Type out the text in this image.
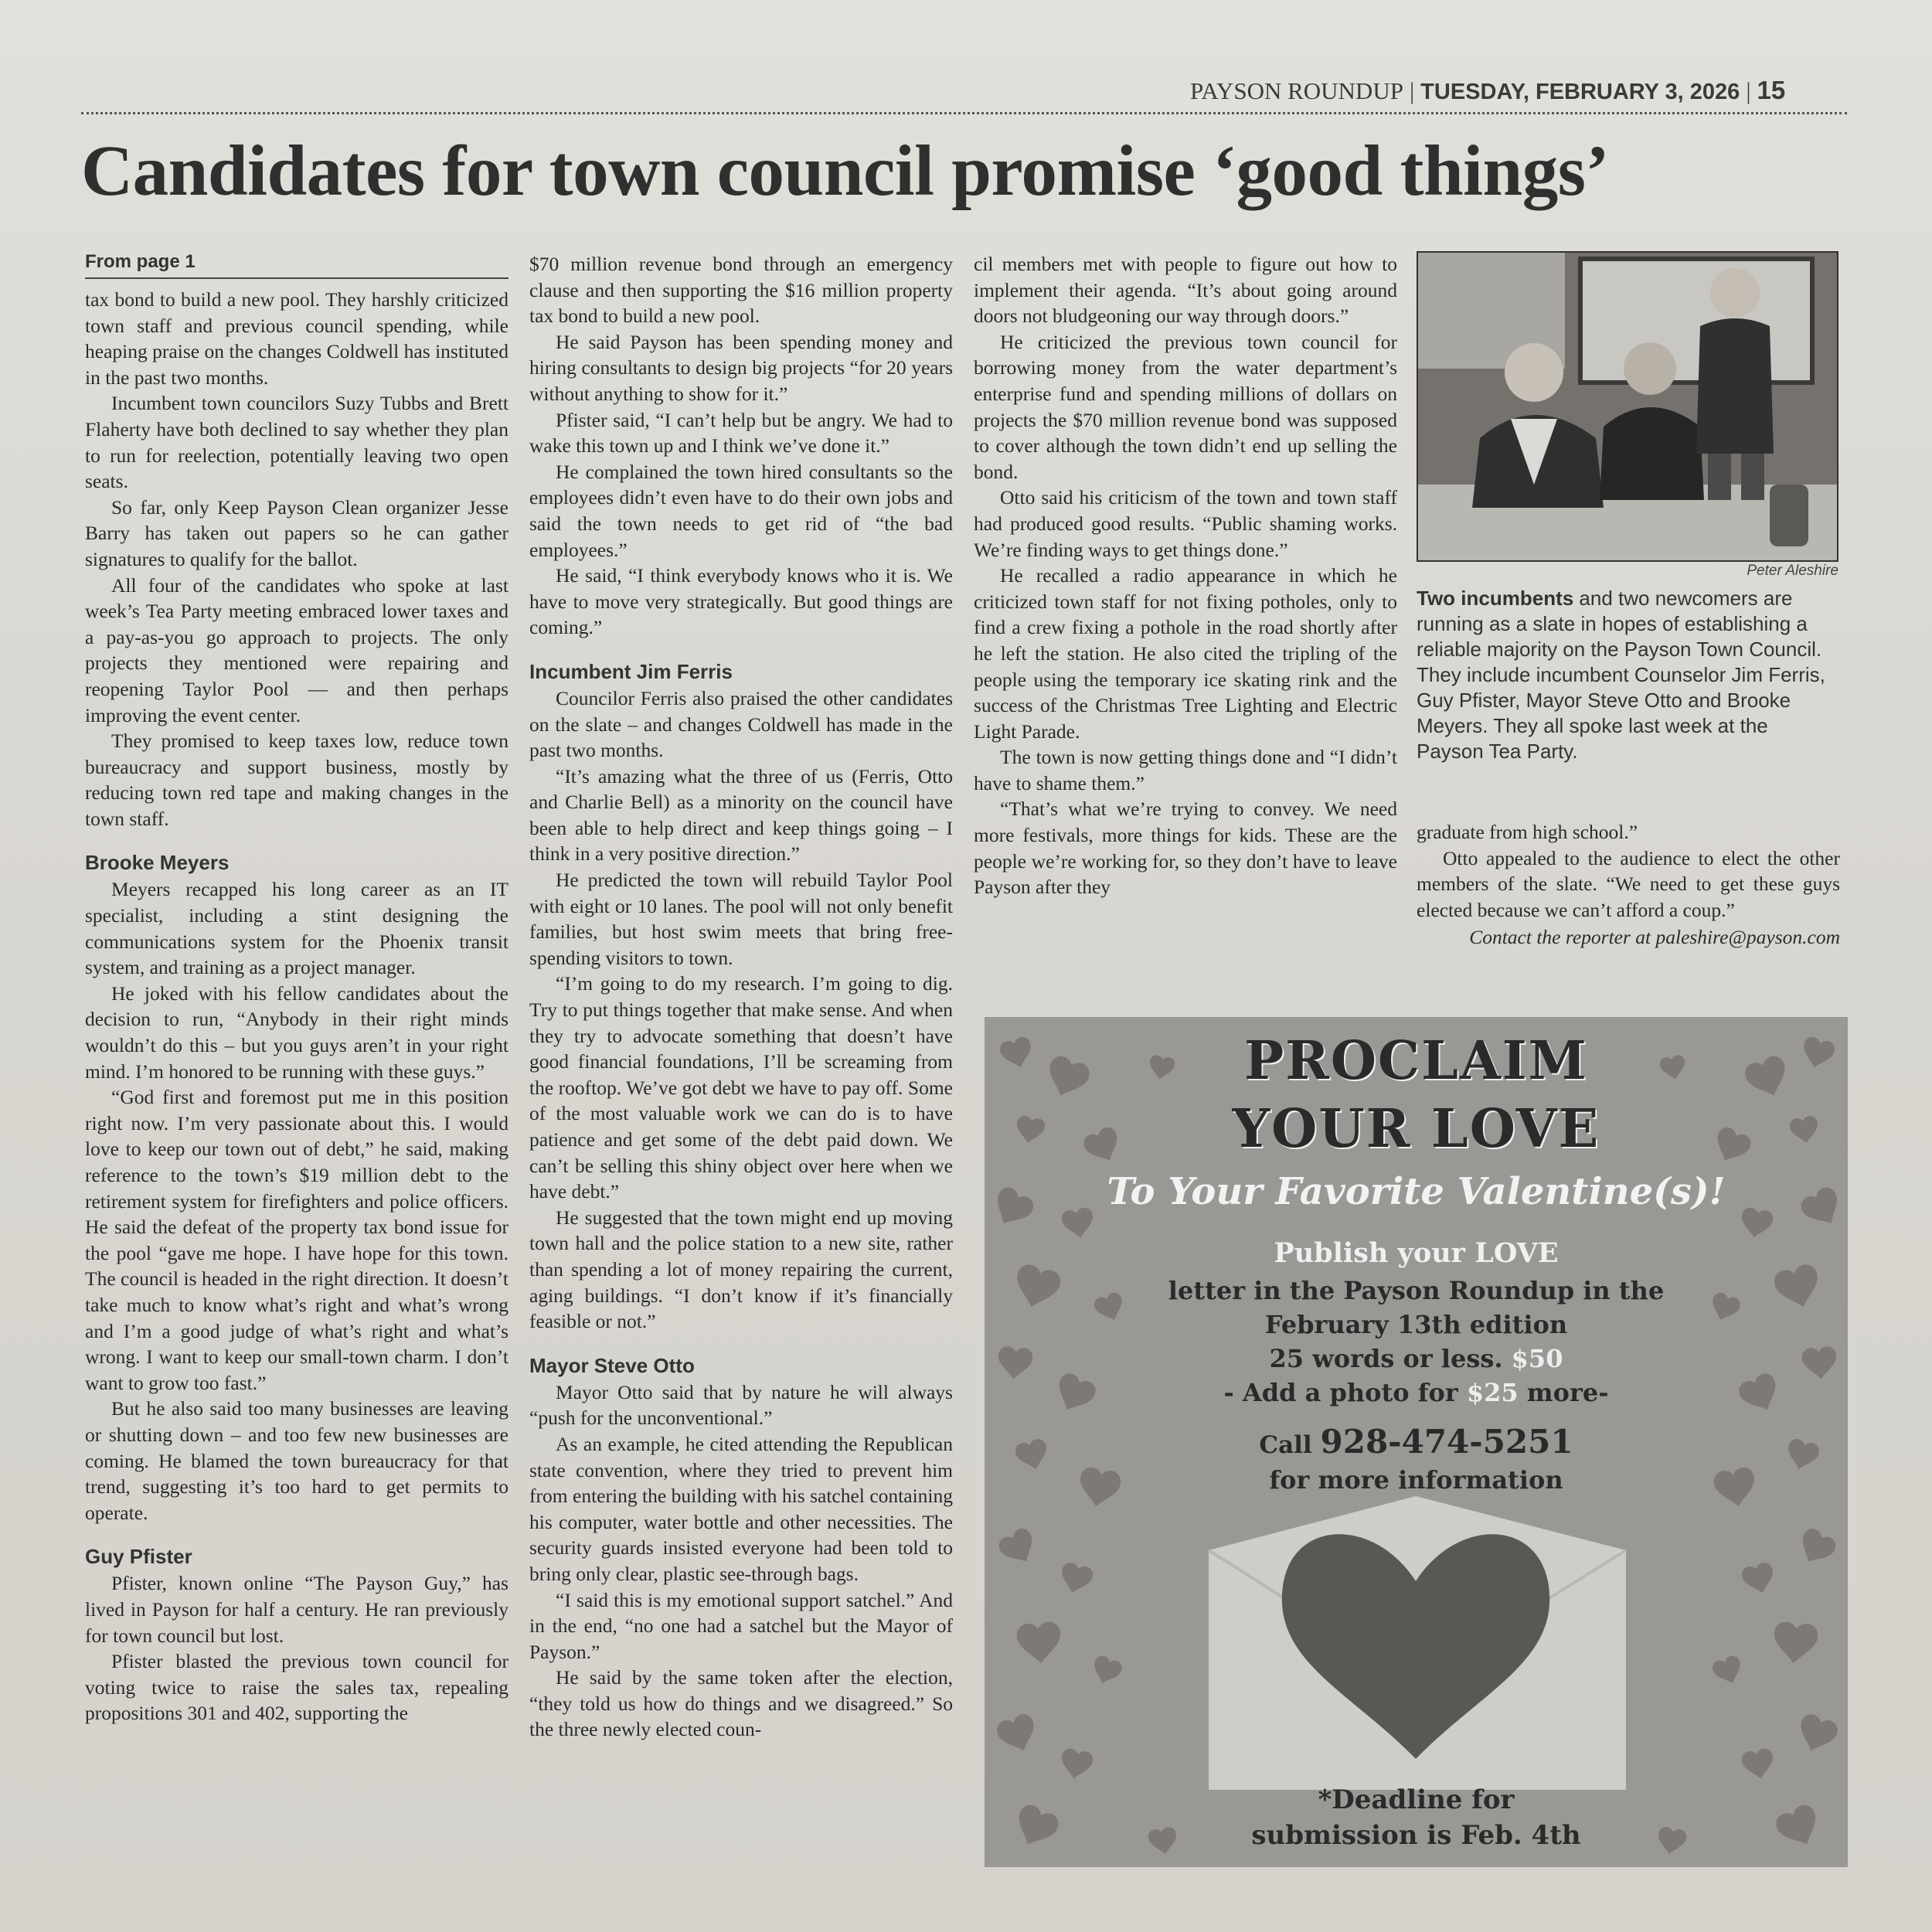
PAYSON ROUNDUP | TUESDAY, FEBRUARY 3, 2026 | 15
Candidates for town council promise ‘good things’
From page 1

tax bond to build a new pool. They harshly criticized town staff and previous council spending, while heaping praise on the changes Coldwell has instituted in the past two months.

Incumbent town councilors Suzy Tubbs and Brett Flaherty have both declined to say whether they plan to run for reelection, potentially leaving two open seats.

So far, only Keep Payson Clean organizer Jesse Barry has taken out papers so he can gather signatures to qualify for the ballot.

All four of the candidates who spoke at last week’s Tea Party meeting embraced lower taxes and a pay-as-you go approach to projects. The only projects they mentioned were repairing and reopening Taylor Pool — and then perhaps improving the event center.

They promised to keep taxes low, reduce town bureaucracy and support business, mostly by reducing town red tape and making changes in the town staff.

Brooke Meyers

Meyers recapped his long career as an IT specialist, including a stint designing the communications system for the Phoenix transit system, and training as a project manager.

He joked with his fellow candidates about the decision to run, “Anybody in their right minds wouldn’t do this – but you guys aren’t in your right mind. I’m honored to be running with these guys.”

“God first and foremost put me in this position right now. I’m very passionate about this. I would love to keep our town out of debt,” he said, making reference to the town’s $19 million debt to the retirement system for firefighters and police officers. He said the defeat of the property tax bond issue for the pool “gave me hope. I have hope for this town. The council is headed in the right direction. It doesn’t take much to know what’s right and what’s wrong and I’m a good judge of what’s right and what’s wrong. I want to keep our small-town charm. I don’t want to grow too fast.”

But he also said too many businesses are leaving or shutting down – and too few new businesses are coming. He blamed the town bureaucracy for that trend, suggesting it’s too hard to get permits to operate.

Guy Pfister

Pfister, known online “The Payson Guy,” has lived in Payson for half a century. He ran previously for town council but lost.

Pfister blasted the previous town council for voting twice to raise the sales tax, repealing propositions 301 and 402, supporting the

$70 million revenue bond through an emergency clause and then supporting the $16 million property tax bond to build a new pool.

He said Payson has been spending money and hiring consultants to design big projects “for 20 years without anything to show for it.”

Pfister said, “I can’t help but be angry. We had to wake this town up and I think we’ve done it.”

He complained the town hired consultants so the employees didn’t even have to do their own jobs and said the town needs to get rid of “the bad employees.”

He said, “I think everybody knows who it is. We have to move very strategically. But good things are coming.”

Incumbent Jim Ferris

Councilor Ferris also praised the other candidates on the slate – and changes Coldwell has made in the past two months.

“It’s amazing what the three of us (Ferris, Otto and Charlie Bell) as a minority on the council have been able to help direct and keep things going – I think in a very positive direction.”

He predicted the town will rebuild Taylor Pool with eight or 10 lanes. The pool will not only benefit families, but host swim meets that bring free-spending visitors to town.

“I’m going to do my research. I’m going to dig. Try to put things together that make sense. And when they try to advocate something that doesn’t have good financial foundations, I’ll be screaming from the rooftop. We’ve got debt we have to pay off. Some of the most valuable work we can do is to have patience and get some of the debt paid down. We can’t be selling this shiny object over here when we have debt.”

He suggested that the town might end up moving town hall and the police station to a new site, rather than spending a lot of money repairing the current, aging buildings. “I don’t know if it’s financially feasible or not.”

Mayor Steve Otto

Mayor Otto said that by nature he will always “push for the unconventional.”

As an example, he cited attending the Republican state convention, where they tried to prevent him from entering the building with his satchel containing his computer, water bottle and other necessities. The security guards insisted everyone had been told to bring only clear, plastic see-through bags.

“I said this is my emotional support satchel.” And in the end, “no one had a satchel but the Mayor of Payson.”

He said by the same token after the election, “they told us how do things and we disagreed.” So the three newly elected coun-

cil members met with people to figure out how to implement their agenda. “It’s about going around doors not bludgeoning our way through doors.”

He criticized the previous town council for borrowing money from the water department’s enterprise fund and spending millions of dollars on projects the $70 million revenue bond was supposed to cover although the town didn’t end up selling the bond.

Otto said his criticism of the town and town staff had produced good results. “Public shaming works. We’re finding ways to get things done.”

He recalled a radio appearance in which he criticized town staff for not fixing potholes, only to find a crew fixing a pothole in the road shortly after he left the station. He also cited the tripling of the people using the temporary ice skating rink and the success of the Christmas Tree Lighting and Electric Light Parade.

The town is now getting things done and “I didn’t have to shame them.”

“That’s what we’re trying to convey. We need more festivals, more things for kids. These are the people we’re working for, so they don’t have to leave Payson after they

Peter Aleshire
Two incumbents and two newcomers are running as a slate in hopes of establishing a reliable majority on the Payson Town Council. They include incumbent Counselor Jim Ferris, Guy Pfister, Mayor Steve Otto and Brooke Meyers. They all spoke last week at the Payson Tea Party.

graduate from high school.”

Otto appealed to the audience to elect the other members of the slate. “We need to get these guys elected because we can’t afford a coup.”

Contact the reporter at paleshire@payson.com

PROCLAIM
YOUR LOVE
To Your Favorite Valentine(s)!
Publish your LOVE
letter in the Payson Roundup in the
February 13th edition
25 words or less. $50
- Add a photo for $25 more-
Call 928-474-5251
for more information
*Deadline for
submission is Feb. 4th
